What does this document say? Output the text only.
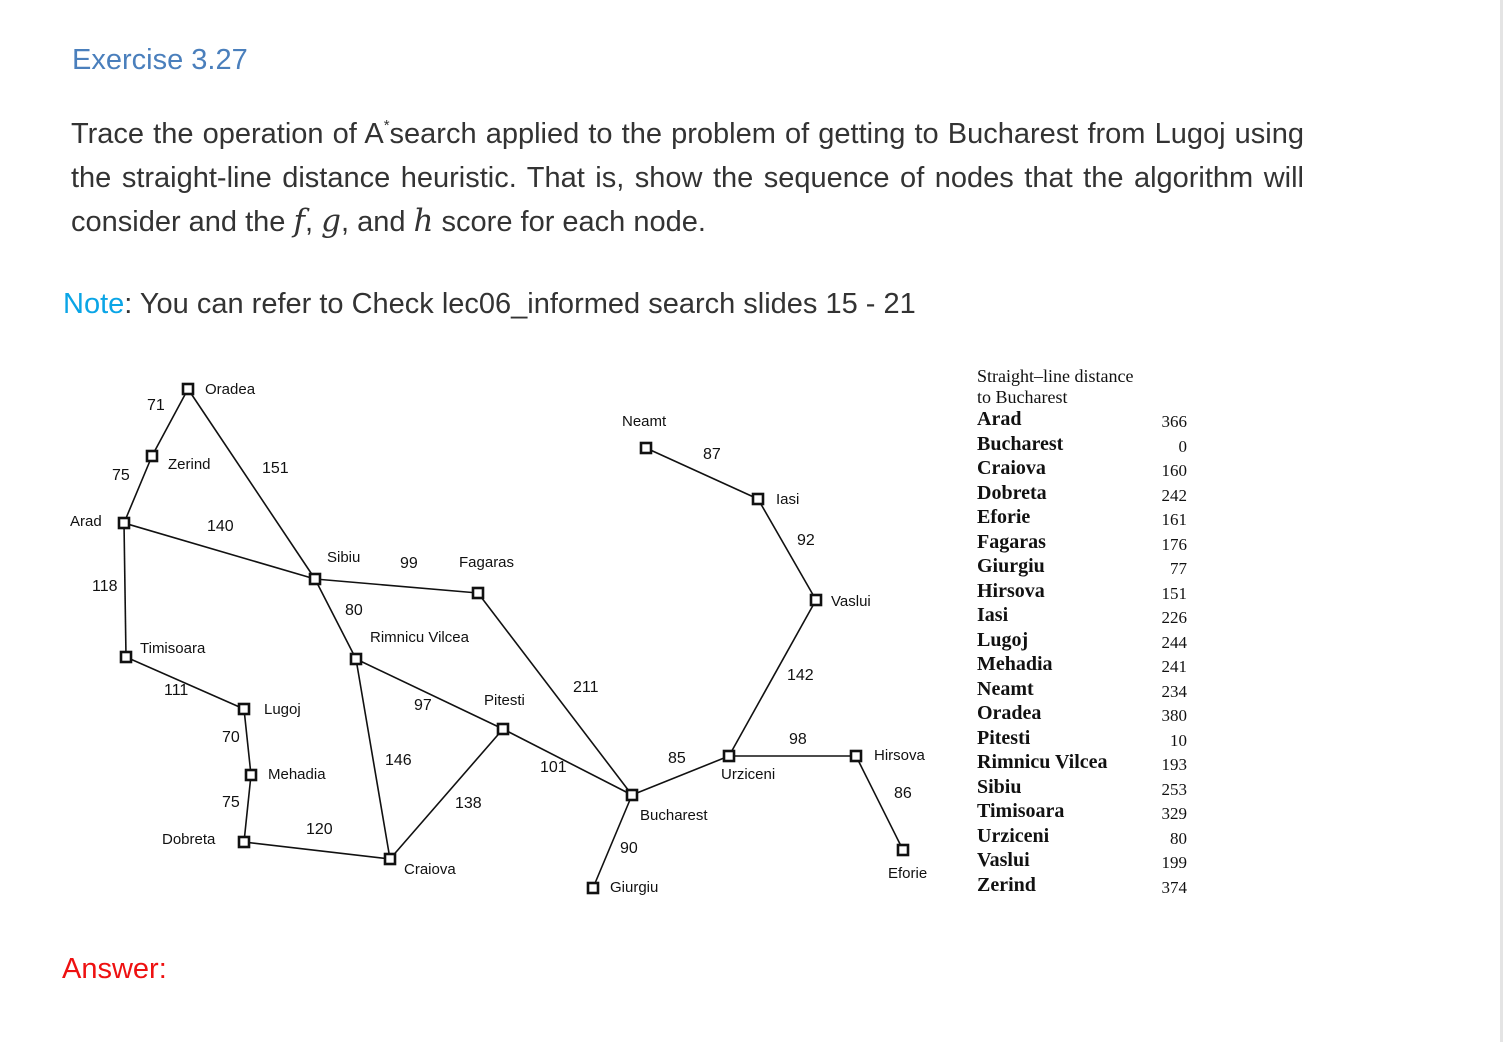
Exercise 3.27

Trace the operation of A*search applied to the problem of getting to Bucharest from Lugoj using the straight-line distance heuristic. That is, show the sequence of nodes that the algorithm will consider and the f, g, and h score for each node.

Note: You can refer to Check lec06_informed search slides 15 - 21

Oradea
Zerind
Arad
Timisoara
Lugoj
Mehadia
Dobreta
Sibiu
Rimnicu Vilcea
Fagaras
Pitesti
Craiova
Bucharest
Giurgiu
Urziceni
Hirsova
Eforie
Vaslui
Iasi
Neamt
71
75	151
140
118
111
70
75
120
99
80
97
146
138
101
211
90
85
98
86
142
92
87

Straight–line distance
to Bucharest

Arad	366
Bucharest	0
Craiova	160
Dobreta	242
Eforie	161
Fagaras	176
Giurgiu	77
Hirsova	151
Iasi	226
Lugoj	244
Mehadia	241
Neamt	234
Oradea	380
Pitesti	10
Rimnicu Vilcea	193
Sibiu	253
Timisoara	329
Urziceni	80
Vaslui	199
Zerind	374

Answer:
